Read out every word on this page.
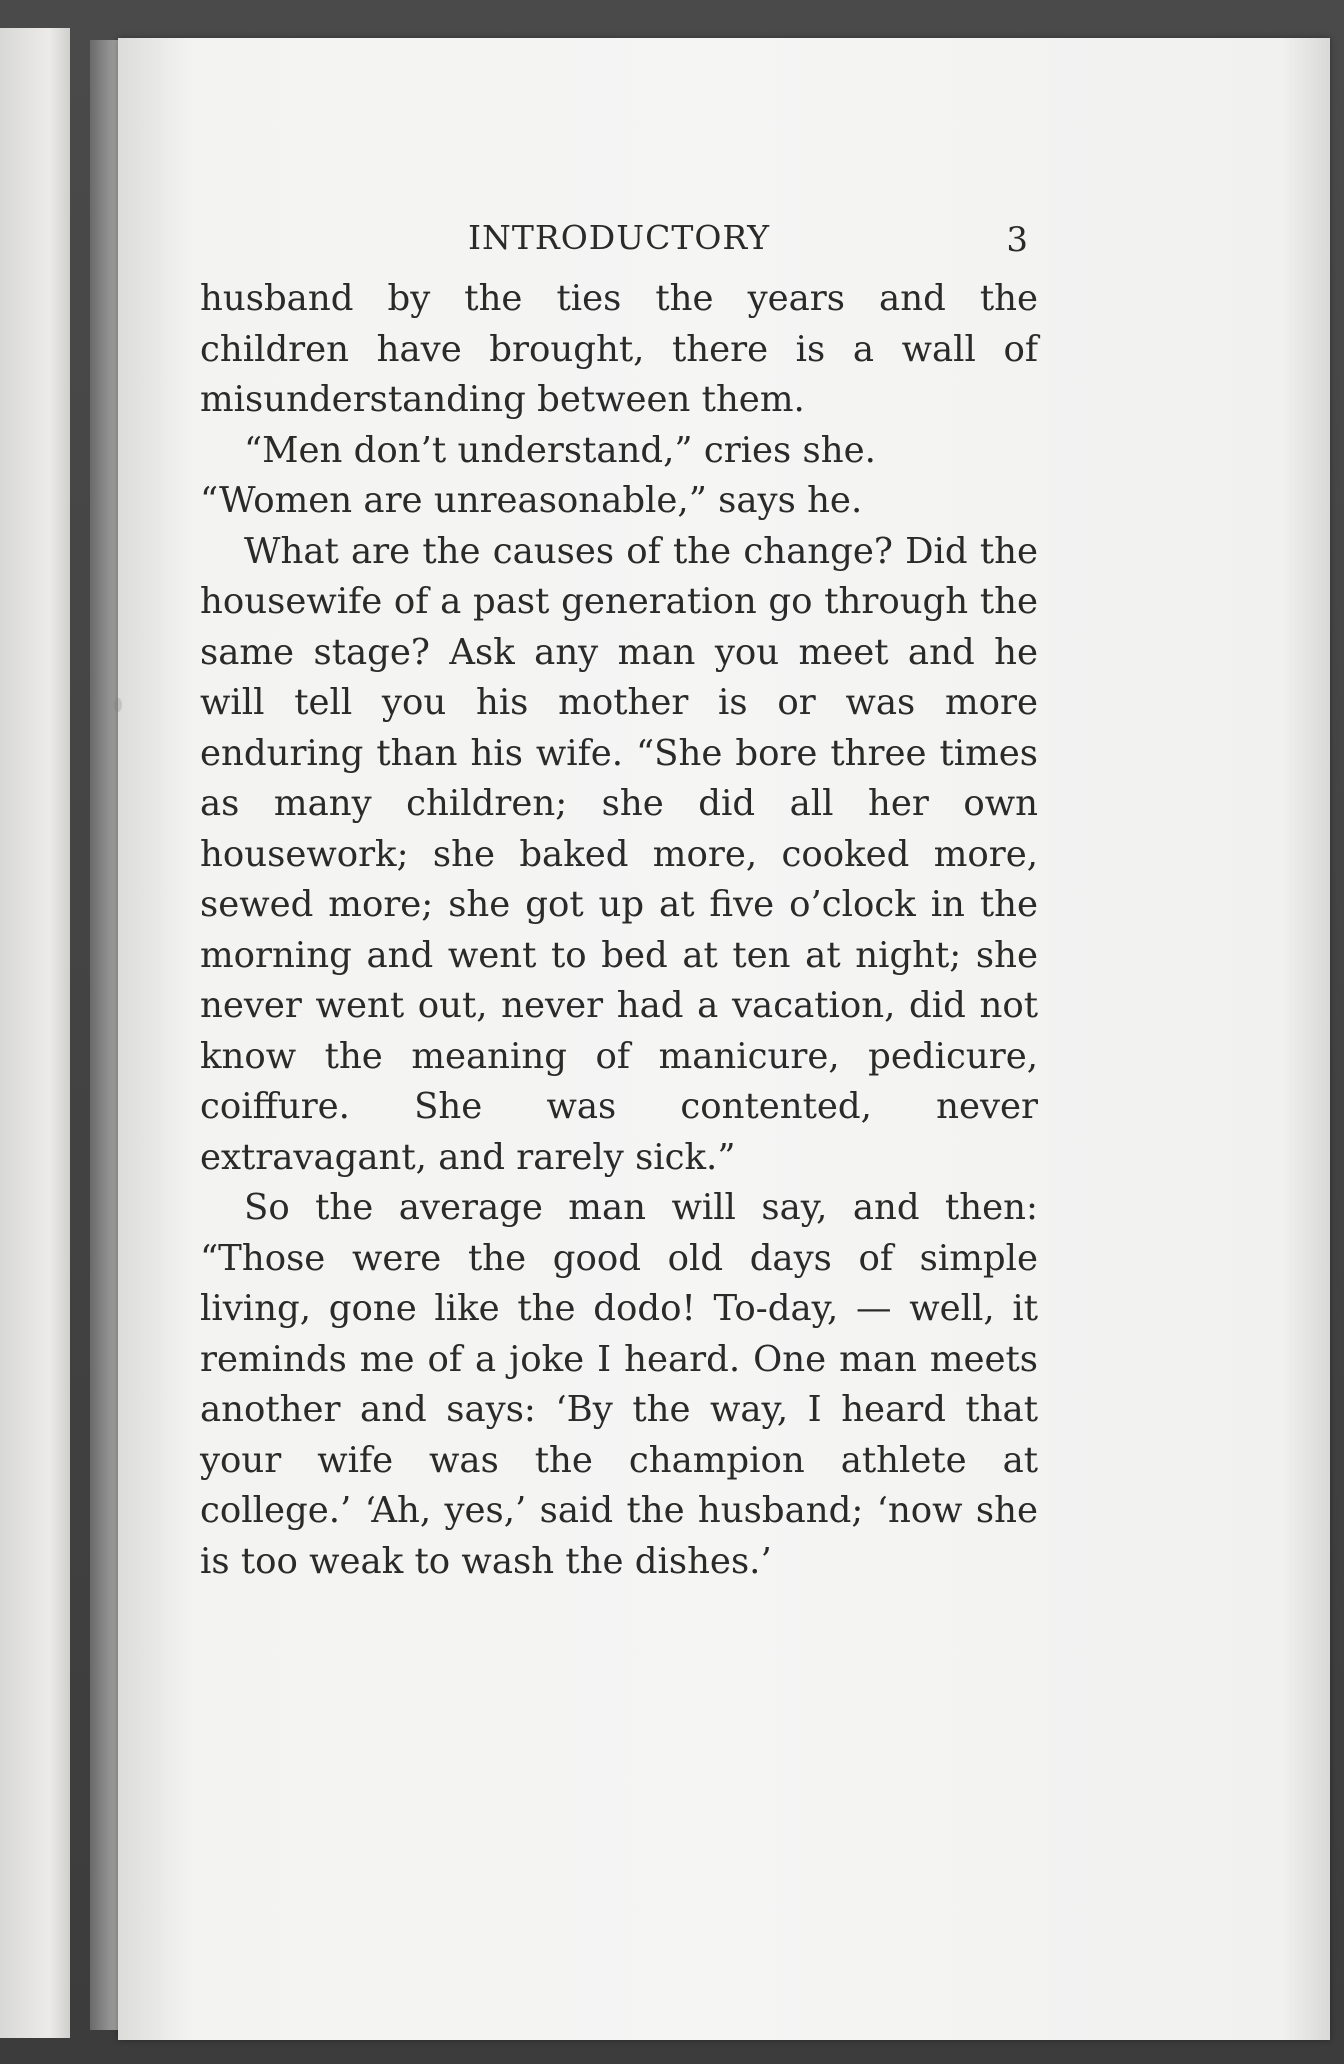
INTRODUCTORY	3

husband by the ties the years and the children have brought, there is a wall of misunderstanding between them.

“Men don’t understand,” cries she.

“Women are unreasonable,” says he.

What are the causes of the change? Did the housewife of a past generation go through the same stage? Ask any man you meet and he will tell you his mother is or was more enduring than his wife. “She bore three times as many children; she did all her own housework; she baked more, cooked more, sewed more; she got up at five o’clock in the morning and went to bed at ten at night; she never went out, never had a vacation, did not know the meaning of manicure, pedicure, coiffure. She was contented, never extravagant, and rarely sick.”

So the average man will say, and then: “Those were the good old days of simple living, gone like the dodo! To-day, — well, it reminds me of a joke I heard. One man meets another and says: ‘By the way, I heard that your wife was the champion athlete at college.’ ‘Ah, yes,’ said the husband; ‘now she is too weak to wash the dishes.’
